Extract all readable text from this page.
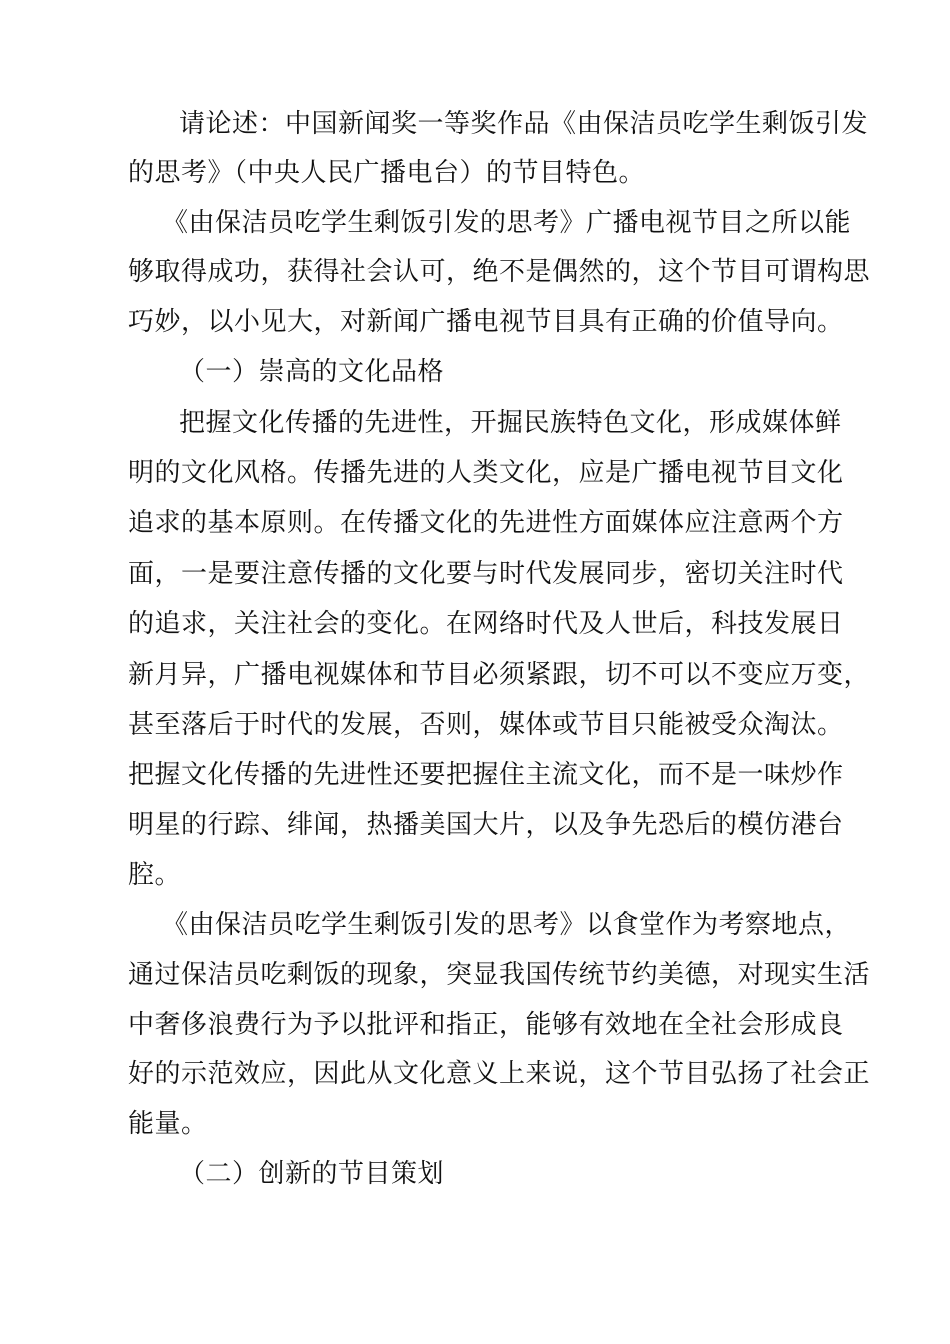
请论述：中国新闻奖一等奖作品《由保洁员吃学生剩饭引发
的思考》（中央人民广播电台）的节目特色。
《由保洁员吃学生剩饭引发的思考》广播电视节目之所以能
够取得成功，获得社会认可，绝不是偶然的，这个节目可谓构思
巧妙，以小见大，对新闻广播电视节目具有正确的价值导向。
（一）崇高的文化品格
把握文化传播的先进性，开掘民族特色文化，形成媒体鲜
明的文化风格。传播先进的人类文化，应是广播电视节目文化
追求的基本原则。在传播文化的先进性方面媒体应注意两个方
面，一是要注意传播的文化要与时代发展同步，密切关注时代
的追求，关注社会的变化。在网络时代及人世后，科技发展日
新月异，广播电视媒体和节目必须紧跟，切不可以不变应万变，
甚至落后于时代的发展，否则，媒体或节目只能被受众淘汰。
把握文化传播的先进性还要把握住主流文化，而不是一味炒作
明星的行踪、绯闻，热播美国大片，以及争先恐后的模仿港台
腔。
《由保洁员吃学生剩饭引发的思考》以食堂作为考察地点，
通过保洁员吃剩饭的现象，突显我国传统节约美德，对现实生活
中奢侈浪费行为予以批评和指正，能够有效地在全社会形成良
好的示范效应，因此从文化意义上来说，这个节目弘扬了社会正
能量。
（二）创新的节目策划
